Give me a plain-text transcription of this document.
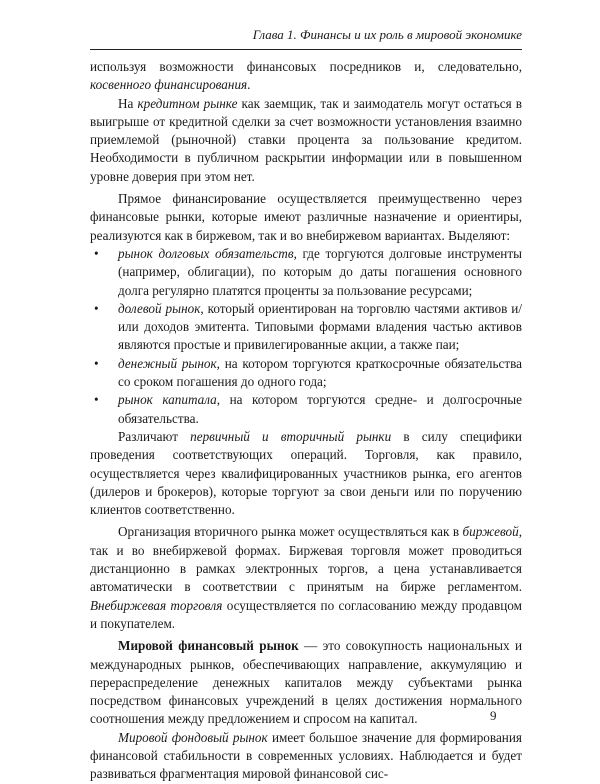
Глава 1. Финансы и их роль в мировой экономике

используя возможности финансовых посредников и, следовательно, косвенного финансирования.

На кредитном рынке как заемщик, так и заимодатель могут остаться в выигрыше от кредитной сделки за счет возможности установления взаимно приемлемой (рыночной) ставки процента за пользование кредитом. Необходимости в публичном раскрытии информации или в повышенном уровне доверия при этом нет.

Прямое финансирование осуществляется преимущественно через финансовые рынки, которые имеют различные назначение и ориентиры, реализуются как в биржевом, так и во внебиржевом вариантах. Выделяют:

• рынок долговых обязательств, где торгуются долговые инструменты (например, облигации), по которым до даты погашения основного долга регулярно платятся проценты за пользование ресурсами;
• долевой рынок, который ориентирован на торговлю частями активов и/или доходов эмитента. Типовыми формами владения частью активов являются простые и привилегированные акции, а также паи;
• денежный рынок, на котором торгуются краткосрочные обязательства со сроком погашения до одного года;
• рынок капитала, на котором торгуются средне- и долгосрочные обязательства.

Различают первичный и вторичный рынки в силу специфики проведения соответствующих операций. Торговля, как правило, осуществляется через квалифицированных участников рынка, его агентов (дилеров и брокеров), которые торгуют за свои деньги или по поручению клиентов соответственно.

Организация вторичного рынка может осуществляться как в биржевой, так и во внебиржевой формах. Биржевая торговля может проводиться дистанционно в рамках электронных торгов, а цена устанавливается автоматически в соответствии с принятым на бирже регламентом. Внебиржевая торговля осуществляется по согласованию между продавцом и покупателем.

Мировой финансовый рынок — это совокупность национальных и международных рынков, обеспечивающих направление, аккумуляцию и перераспределение денежных капиталов между субъектами рынка посредством финансовых учреждений в целях достижения нормального соотношения между предложением и спросом на капитал.

Мировой фондовый рынок имеет большое значение для формирования финансовой стабильности в современных условиях. Наблюдается и будет развиваться фрагментация мировой финансовой сис-

9
